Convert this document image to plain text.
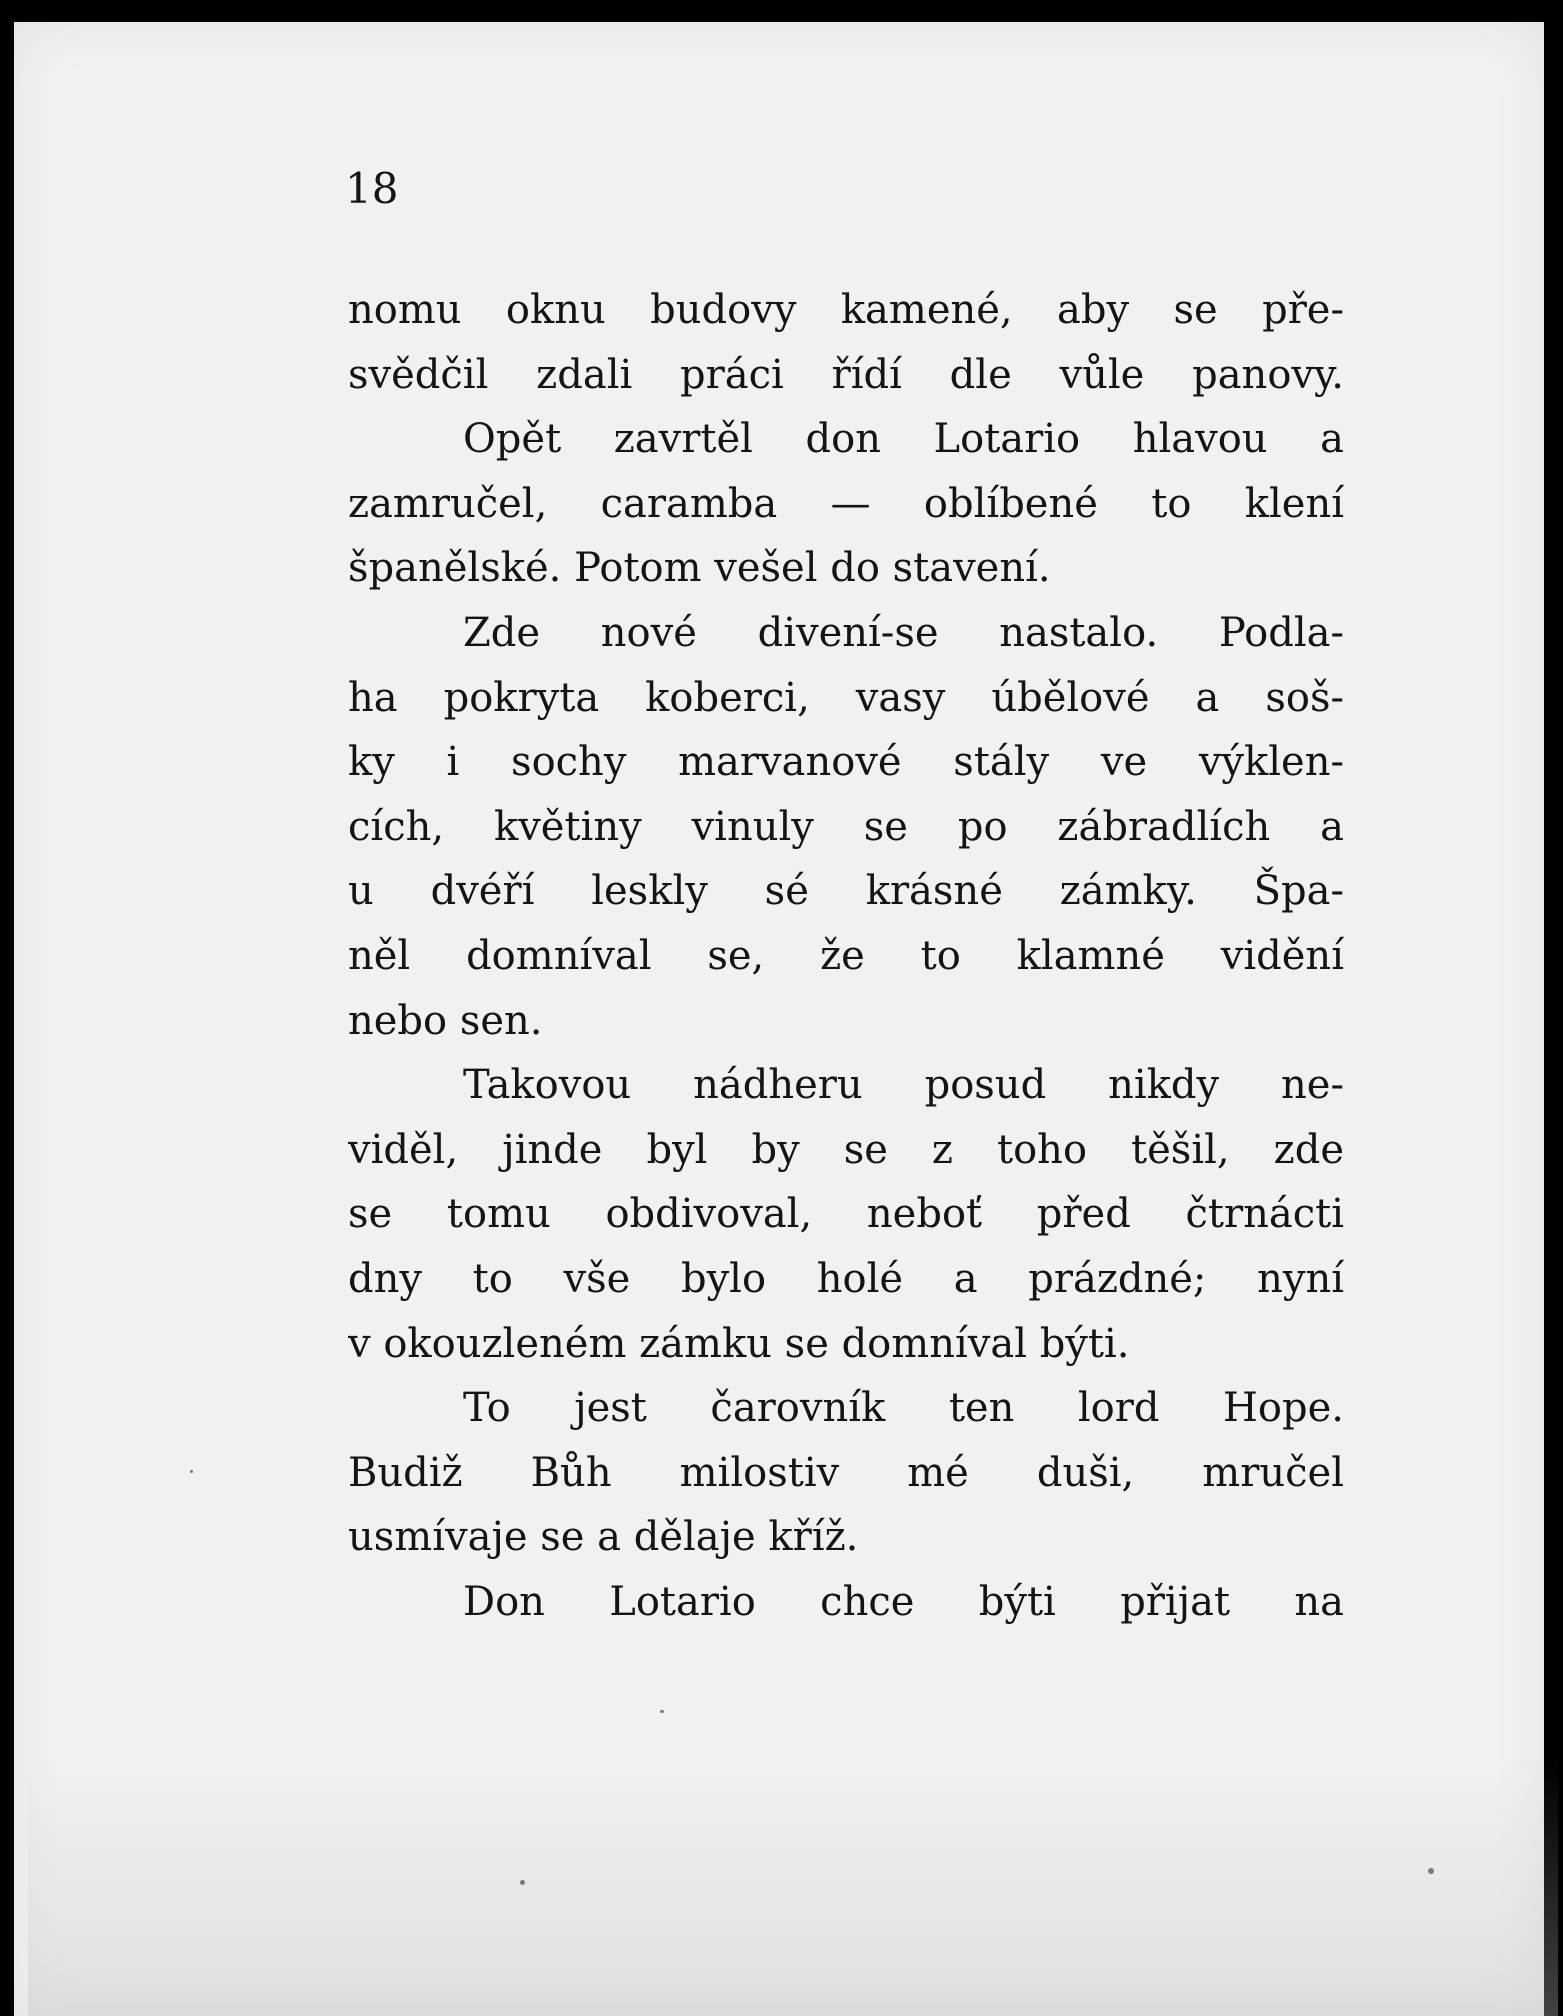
18
nomu oknu budovy kamené, aby se pře-
svědčil zdali práci řídí dle vůle panovy.
Opět zavrtěl don Lotario hlavou a
zamručel, caramba — oblíbené to klení
španělské. Potom vešel do stavení.
Zde nové divení-se nastalo. Podla-
ha pokryta koberci, vasy úbělové a soš-
ky i sochy marvanové stály ve výklen-
cích, květiny vinuly se po zábradlích a
u dvéří leskly sé krásné zámky. Špa-
něl domníval se, že to klamné vidění
nebo sen.
Takovou nádheru posud nikdy ne-
viděl, jinde byl by se z toho těšil, zde
se tomu obdivoval, neboť před čtrnácti
dny to vše bylo holé a prázdné; nyní
v okouzleném zámku se domníval býti.
To jest čarovník ten lord Hope.
Budiž Bůh milostiv mé duši, mručel
usmívaje se a dělaje kříž.
Don Lotario chce býti přijat na
